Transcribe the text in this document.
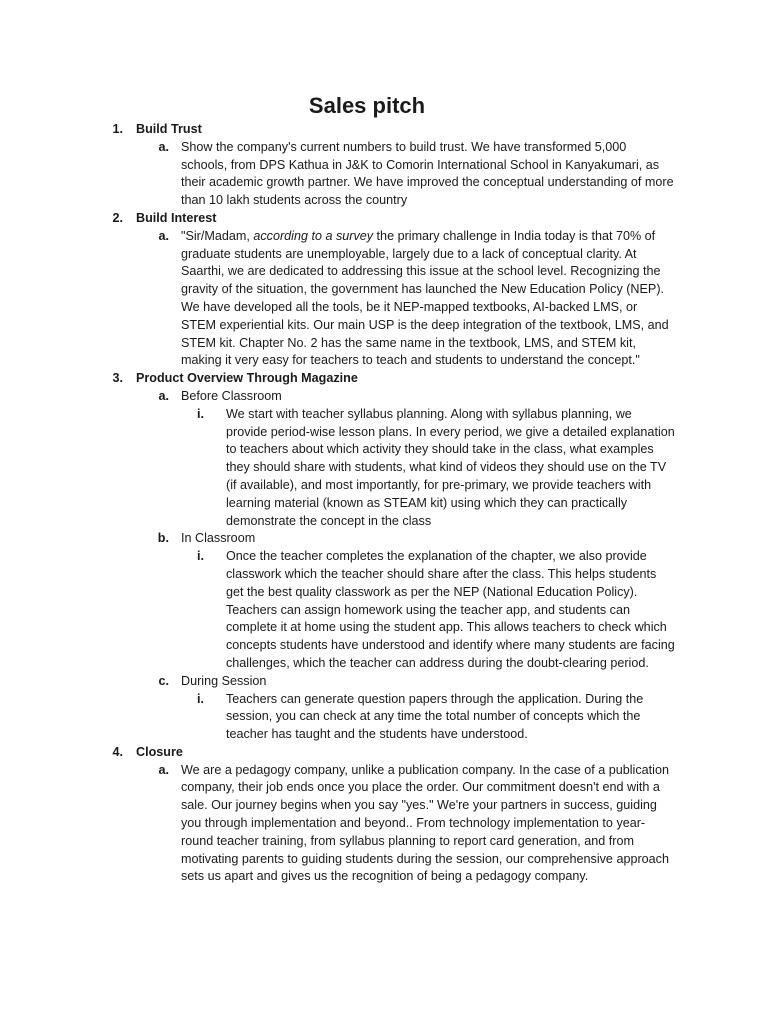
Sales pitch
1. Build Trust
a. Show the company's current numbers to build trust. We have transformed 5,000 schools, from DPS Kathua in J&K to Comorin International School in Kanyakumari, as their academic growth partner. We have improved the conceptual understanding of more than 10 lakh students across the country
2. Build Interest
a. "Sir/Madam, according to a survey the primary challenge in India today is that 70% of graduate students are unemployable, largely due to a lack of conceptual clarity. At Saarthi, we are dedicated to addressing this issue at the school level. Recognizing the gravity of the situation, the government has launched the New Education Policy (NEP). We have developed all the tools, be it NEP-mapped textbooks, AI-backed LMS, or STEM experiential kits. Our main USP is the deep integration of the textbook, LMS, and STEM kit. Chapter No. 2 has the same name in the textbook, LMS, and STEM kit, making it very easy for teachers to teach and students to understand the concept."
3. Product Overview Through Magazine
a. Before Classroom
i. We start with teacher syllabus planning. Along with syllabus planning, we provide period-wise lesson plans. In every period, we give a detailed explanation to teachers about which activity they should take in the class, what examples they should share with students, what kind of videos they should use on the TV (if available), and most importantly, for pre-primary, we provide teachers with learning material (known as STEAM kit) using which they can practically demonstrate the concept in the class
b. In Classroom
i. Once the teacher completes the explanation of the chapter, we also provide classwork which the teacher should share after the class. This helps students get the best quality classwork as per the NEP (National Education Policy). Teachers can assign homework using the teacher app, and students can complete it at home using the student app. This allows teachers to check which concepts students have understood and identify where many students are facing challenges, which the teacher can address during the doubt-clearing period.
c. During Session
i. Teachers can generate question papers through the application. During the session, you can check at any time the total number of concepts which the teacher has taught and the students have understood.
4. Closure
a. We are a pedagogy company, unlike a publication company. In the case of a publication company, their job ends once you place the order. Our commitment doesn't end with a sale. Our journey begins when you say "yes." We're your partners in success, guiding you through implementation and beyond.. From technology implementation to year-round teacher training, from syllabus planning to report card generation, and from motivating parents to guiding students during the session, our comprehensive approach sets us apart and gives us the recognition of being a pedagogy company.
